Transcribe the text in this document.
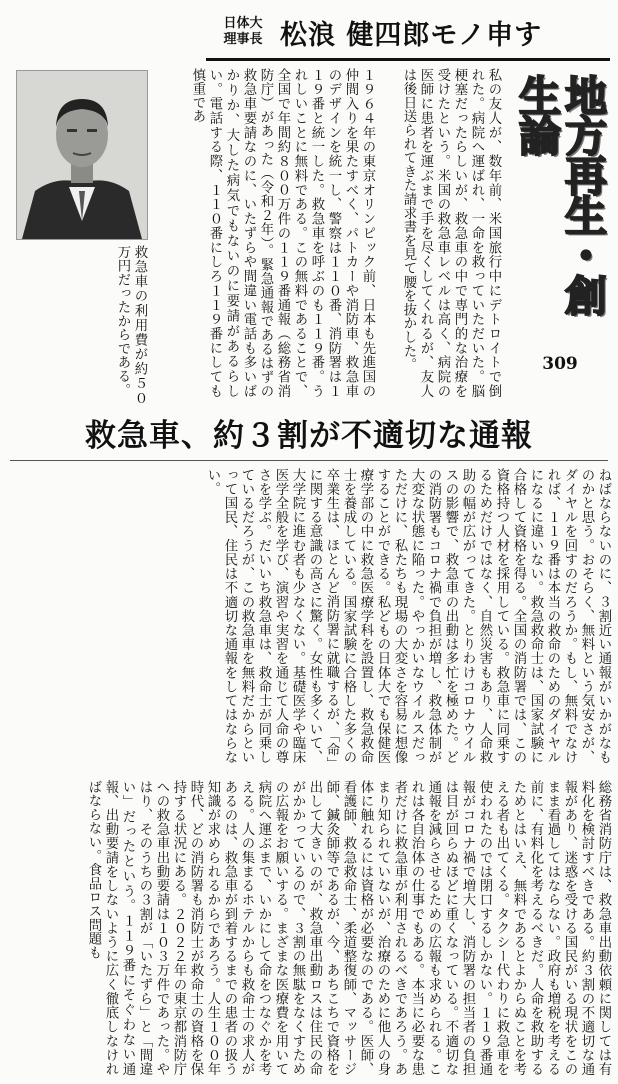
日体大
理事長 松浪 健四郎モノ申す
地方再生・創生論
309
私の友人が、数年前、米国旅行中にデトロイトで倒れた。病院へ運ばれ、一命を救っていただいた。脳梗塞だったらしいが、救急車の中で専門的な治療を受けたという。米国の救急車レベルは高く、病院の医師に患者を運ぶまで手を尽くしてくれるが、友人は後日送られてきた請求書を見て腰を抜かした。
１９６４年の東京オリンピック前、日本も先進国の仲間入りを果たすべく、パトカーや消防車、救急車のデザインを統一し、警察は１１０番、消防署は１１９番と統一した。救急車を呼ぶのも１１９番。うれしいことに無料である。この無料であることで、全国で年間約８００万件の１１９番通報（総務省消防庁）があった（令和２年）。緊急通報であるはずの救急車要請なのに、いたずらや間違い電話も多いばかりか、大した病気でもないのに要請があるらしい。電話する際、１１０番にしろ１１９番にしても慎重であ
救急車の利用費が約５０万円だったからである。
救急車、約３割が不適切な通報
ねばならないのに、３割近い通報がいかがなものかと思う。おそらく、無料という気安さが、ダイヤルを回すのだろうか。もし、無料でなければ、１１９番は本当の救命のためのダイヤルになるに違いない。救急救命士は、国家試験に合格して資格を得る。全国の消防署では、この資格持つ人材を採用している。救急車に同乗するためだけではなく、自然災害もあり、人命救助の幅が広がってきた。とりわけコロナウイルスの影響で、救急車の出動は多忙を極めた。どの消防署もコロナ禍で負担が増し、救急体制が大変な状態に陥った。やっかいなウイルスだっただけに、私たちも現場の大変さを容易に想像することができる。私どもの日体大でも保健医療学部の中に救急医療学科を設置し、救急救命士を養成している。国家試験に合格した多くの卒業生は、ほとんど消防署に就職するが、「命」に関する意識の高さに驚く。女性も多くいて、大学院に進む者も少なくない。基礎医学や臨床医学全般を学び、演習や実習を通じて人命の尊さを学ぶ。だいいち救急車は、救命士が同乗しているだろうが、この救急車を無料だからといって国民、住民は不適切な通報をしてはならない。
総務省消防庁は、救急車出動依頼に関しては有料化を検討すべきである。約３割の不適切な通報があり、迷惑を受ける国民がいる現状をこのまま看過してはならない。政府も増税を考える前に、有料化を考えるべきだ。人命を救助するためとはいえ、無料であるとよからぬことを考える者も出てくる。タクシー代わりに救急車を使われたのでは閉口するしかない。１１９番通報がコロナ禍で増大し、消防署の担当者の負担は目が回らぬほどに重くなっている。不適切な通報を減らさせるための広報も求められる。これは各自治体の仕事でもある。本当に必要な患者だけに救急車が利用されるべきであろう。あまり知られていないが、治療のために他人の身体に触れるには資格が必要なのである。医師、看護師、救急救命士、柔道整復師、マッサージ師、鍼灸師等であるが、今、あちこちで資格を出して大きいのが、救急車出動ロスは住民の命がかかっているので、３割の無駄をなくすための広報をお願いする。まざまな医療費を用いて病院へ運ぶまで、いかにして命をつなぐかを考える。人の集まるホテルからも救命士の求人があるのは、救急車が到着するまでの患者の扱う知識が求められるからであろう。人生１００年時代、どの消防署も消防士が救命士の資格を保持する状況にある。２０２２年の東京都消防庁への救急車出動要請は１０３万件であった。やはり、そのうちの３割が「いたずら」と「間違い」だったという。１１９番にそぐわない通報、出動要請をしないように広く徹底しなければならない。食品ロス問題も
